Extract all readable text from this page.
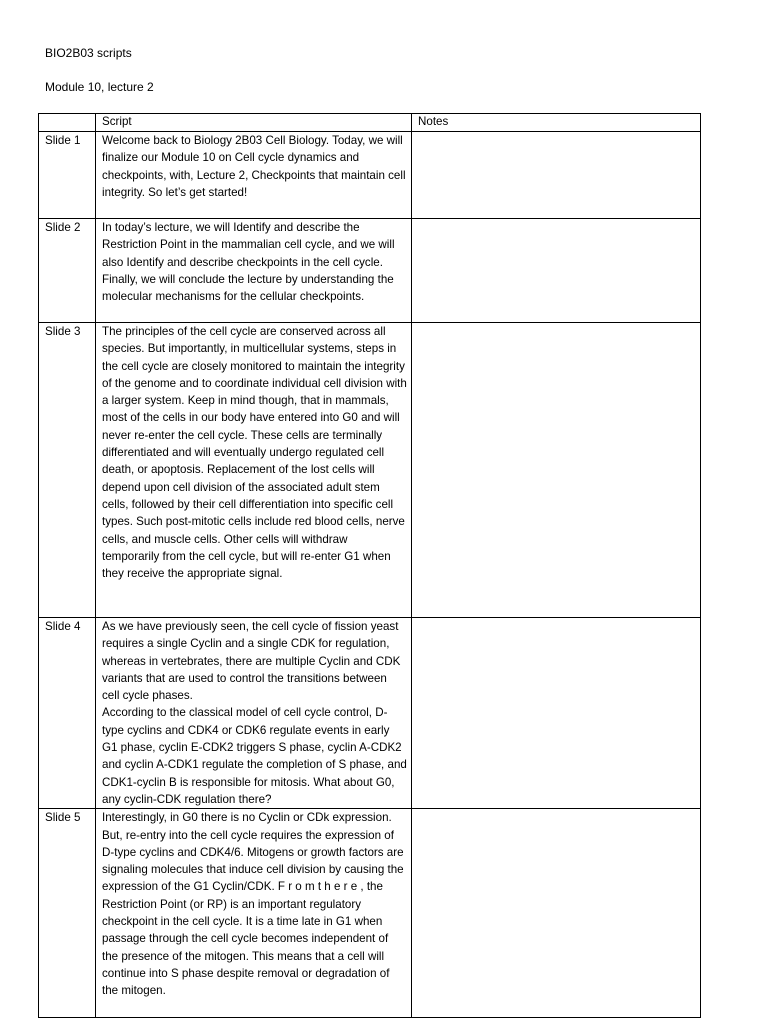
BIO2B03 scripts
Module 10, lecture 2
	Script	Notes
Slide 1	Welcome back to Biology 2B03 Cell Biology. Today, we will finalize our Module 10 on Cell cycle dynamics and checkpoints, with, Lecture 2, Checkpoints that maintain cell integrity. So let’s get started!	
Slide 2	In today’s lecture, we will Identify and describe the Restriction Point in the mammalian cell cycle, and we will also Identify and describe checkpoints in the cell cycle. Finally, we will conclude the lecture by understanding the molecular mechanisms for the cellular checkpoints.	
Slide 3	The principles of the cell cycle are conserved across all species. But importantly, in multicellular systems, steps in the cell cycle are closely monitored to maintain the integrity of the genome and to coordinate individual cell division with a larger system. Keep in mind though, that in mammals, most of the cells in our body have entered into G0 and will never re-enter the cell cycle. These cells are terminally differentiated and will eventually undergo regulated cell death, or apoptosis. Replacement of the lost cells will depend upon cell division of the associated adult stem cells, followed by their cell differentiation into specific cell types. Such post-mitotic cells include red blood cells, nerve cells, and muscle cells. Other cells will withdraw temporarily from the cell cycle, but will re-enter G1 when they receive the appropriate signal.	
Slide 4	As we have previously seen, the cell cycle of fission yeast requires a single Cyclin and a single CDK for regulation, whereas in vertebrates, there are multiple Cyclin and CDK variants that are used to control the transitions between cell cycle phases.
According to the classical model of cell cycle control, D-type cyclins and CDK4 or CDK6 regulate events in early G1 phase, cyclin E-CDK2 triggers S phase, cyclin A-CDK2 and cyclin A-CDK1 regulate the completion of S phase, and CDK1-cyclin B is responsible for mitosis. What about G0, any cyclin-CDK regulation there?	
Slide 5	Interestingly, in G0 there is no Cyclin or CDk expression. But, re-entry into the cell cycle requires the expression of D-type cyclins and CDK4/6. Mitogens or growth factors are signaling molecules that induce cell division by causing the expression of the G1 Cyclin/CDK. F r o m t h e r e , the Restriction Point (or RP) is an important regulatory checkpoint in the cell cycle. It is a time late in G1 when passage through the cell cycle becomes independent of the presence of the mitogen. This means that a cell will continue into S phase despite removal or degradation of the mitogen.	
